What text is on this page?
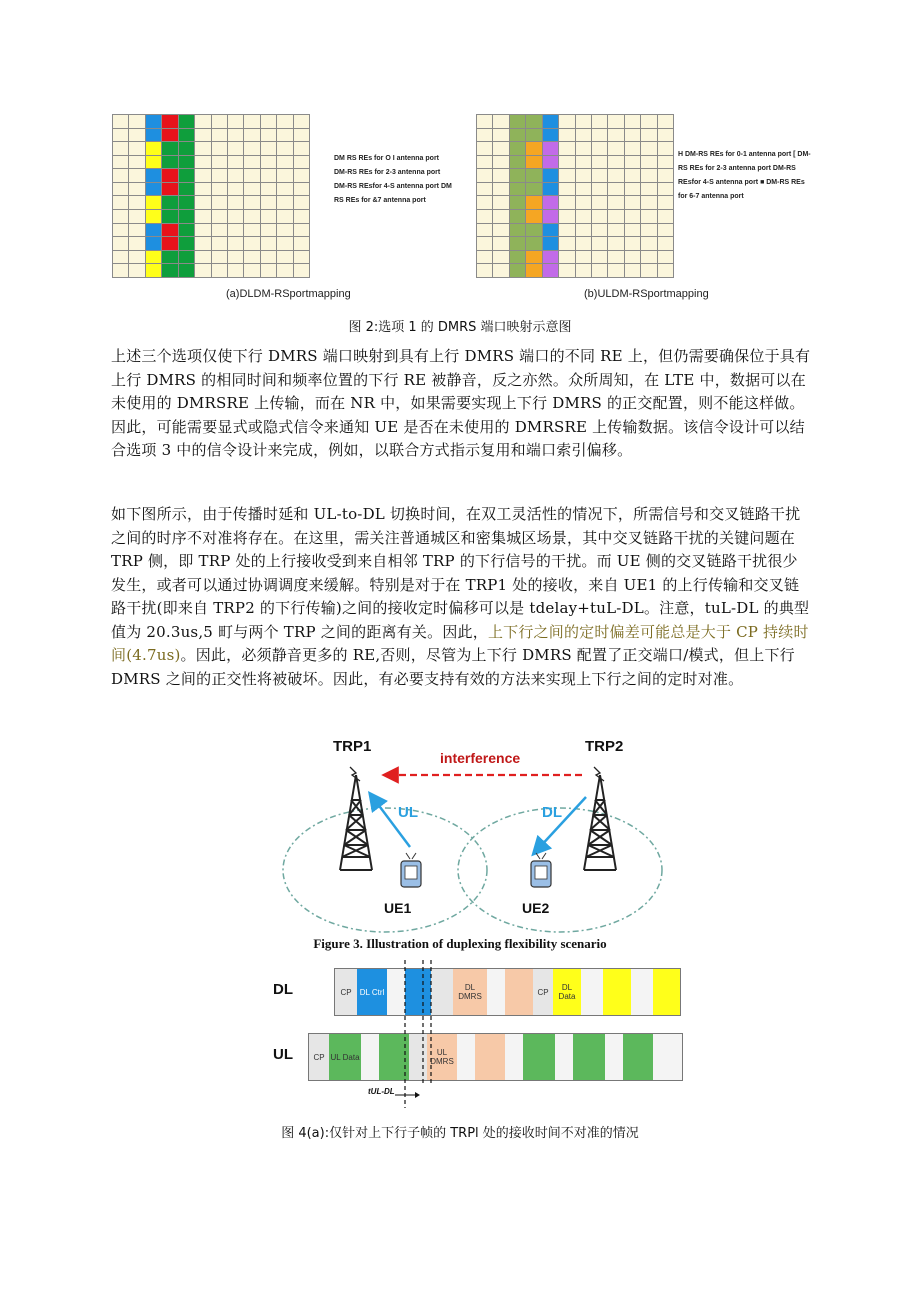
DM RS REs for O I antenna port
DM-RS REs for 2-3 antenna port
DM-RS REsfor 4-S antenna port DM
RS REs for &7 antenna port
H DM-RS REs for 0-1 antenna port [ DM-
RS REs for 2-3 antenna port DM-RS
REsfor 4-S antenna port ■ DM-RS REs
for 6-7 antenna port
(a)DLDM-RSportmapping	(b)ULDM-RSportmapping
图 2:选项 1 的 DMRS 端口映射示意图
上述三个选项仅使下行 DMRS 端口映射到具有上行 DMRS 端口的不同 RE 上，但仍需要确保位于具有上行 DMRS 的相同时间和频率位置的下行 RE 被静音，反之亦然。众所周知，在 LTE 中，数据可以在未使用的 DMRSRE 上传输，而在 NR 中，如果需要实现上下行 DMRS 的正交配置，则不能这样做。因此，可能需要显式或隐式信令来通知 UE 是否在未使用的 DMRSRE 上传输数据。该信令设计可以结合选项 3 中的信令设计来完成，例如，以联合方式指示复用和端口索引偏移。
如下图所示，由于传播时延和 UL-to-DL 切换时间，在双工灵活性的情况下，所需信号和交叉链路干扰之间的时序不对准将存在。在这里，需关注普通城区和密集城区场景，其中交叉链路干扰的关键问题在 TRP 侧，即 TRP 处的上行接收受到来自相邻 TRP 的下行信号的干扰。而 UE 侧的交叉链路干扰很少发生，或者可以通过协调调度来缓解。特别是对于在 TRP1 处的接收，来自 UE1 的上行传输和交叉链路干扰(即来自 TRP2 的下行传输)之间的接收定时偏移可以是 tdelay+tuL-DL。注意，tuL-DL 的典型值为 20.3us,5 町与两个 TRP 之间的距离有关。因此，上下行之间的定时偏差可能总是大于 CP 持续时间(4.7us)。因此，必须静音更多的 RE,否则，尽管为上下行 DMRS 配置了正交端口/模式，但上下行 DMRS 之间的正交性将被破坏。因此，有必要支持有效的方法来实现上下行之间的定时对准。
TRP1	TRP2
interference
UL	DL
UE1	UE2
Figure 3. Illustration of duplexing flexibility scenario
DL
UL
CP	DL Ctrl	DL DMRS	CP	DL Data
CP UL Data	UL DMRS
tUL-DL
图 4(a):仅针对上下行子帧的 TRPl 处的接收时间不对准的情况
